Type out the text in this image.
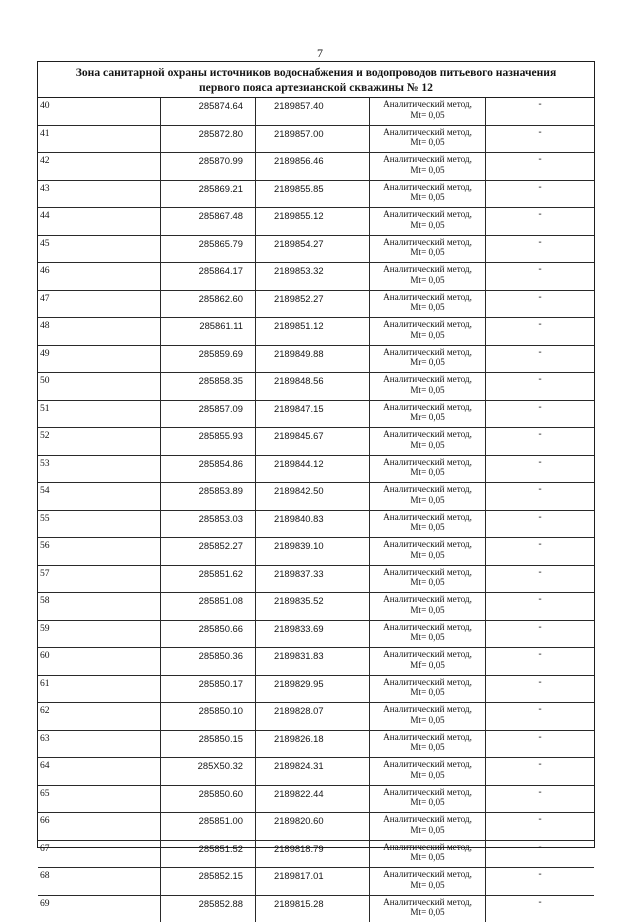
7
Зона санитарной охраны источников водоснабжения и водопроводов питьевого назначения
первого пояса артезианской скважины № 12
40	285874.64	2189857.40	Аналитический метод,
Mt= 0,05	-
41	285872.80	2189857.00	Аналитический метод,
Mt= 0,05	-
42	285870.99	2189856.46	Аналитический метод,
Mt= 0,05	-
43	285869.21	2189855.85	Аналитический метод,
Mt= 0,05	-
44	285867.48	2189855.12	Аналитический метод,
Mt= 0,05	-
45	285865.79	2189854.27	Аналитический метод,
Mt= 0,05	-
46	285864.17	2189853.32	Аналитический метод,
Mt= 0,05	-
47	285862.60	2189852.27	Аналитический метод,
Mt= 0,05	-
48	285861.11	2189851.12	Аналитический метод,
Mt= 0,05	-
49	285859.69	2189849.88	Аналитический метод,
Mr= 0,05	-
50	285858.35	2189848.56	Аналитический метод,
Mt= 0,05	-
51	285857.09	2189847.15	Аналитический метод,
Mr= 0,05	-
52	285855.93	2189845.67	Аналитический метод,
Mt= 0,05	-
53	285854.86	2189844.12	Аналитический метод,
Mt= 0,05	-
54	285853.89	2189842.50	Аналитический метод,
Mt= 0,05	-
55	285853.03	2189840.83	Аналитический метод,
Mt= 0,05	-
56	285852.27	2189839.10	Аналитический метод,
Mt= 0,05	-
57	285851.62	2189837.33	Аналитический метод,
Mt= 0,05	-
58	285851.08	2189835.52	Аналитический метод,
Mt= 0,05	-
59	285850.66	2189833.69	Аналитический метод,
Mt= 0,05	-
60	285850.36	2189831.83	Аналитический метод,
Mf= 0,05	-
61	285850.17	2189829.95	Аналитический метод,
Mt= 0,05	-
62	285850.10	2189828.07	Аналитический метод,
Mt= 0,05	-
63	285850.15	2189826.18	Аналитический метод,
Mt= 0,05	-
64	285X50.32	2189824.31	Аналитический метод,
Mt= 0,05	-
65	285850.60	2189822.44	Аналитический метод,
Mt= 0,05	-
66	285851.00	2189820.60	Аналитический метод,
Mt= 0,05	-
67	285851.52	2189818.79	Аналитический метод,
Mt= 0,05	-
68	285852.15	2189817.01	Аналитический метод,
Mt= 0,05	-
69	285852.88	2189815.28	Аналитический метод,
Mt= 0,05	-
